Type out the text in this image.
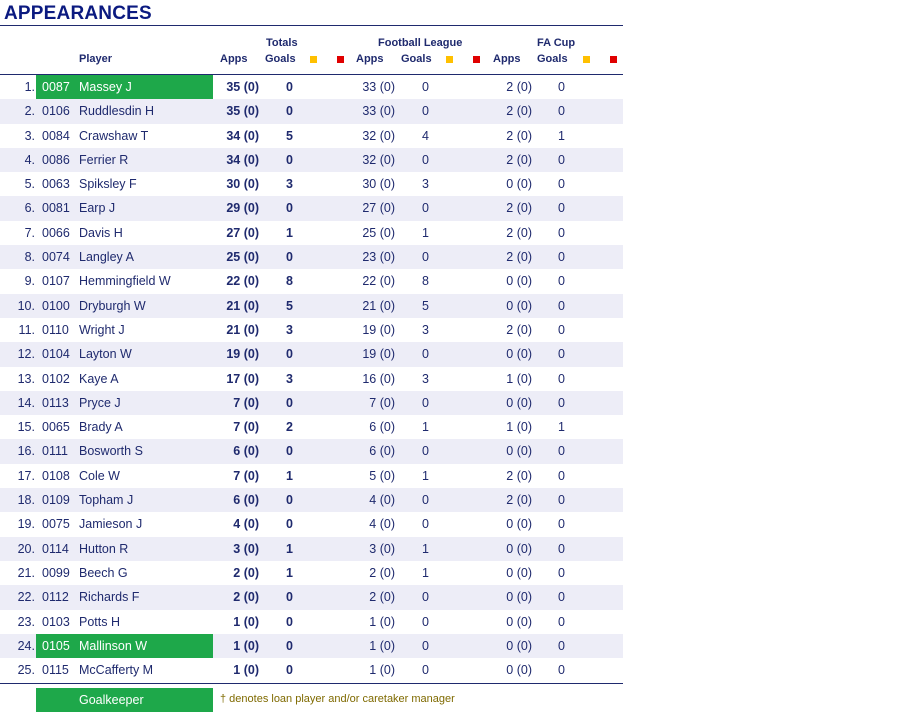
APPEARANCES
Totals	Football League	FA Cup
Player	Apps Goals	Apps Goals	Apps Goals
1. 0087 Massey J	35 (0) 0	33 (0) 0	2 (0) 0
2. 0106 Ruddlesdin H	35 (0) 0	33 (0) 0	2 (0) 0
3. 0084 Crawshaw T	34 (0) 5	32 (0) 4	2 (0) 1
4. 0086 Ferrier R	34 (0) 0	32 (0) 0	2 (0) 0
5. 0063 Spiksley F	30 (0) 3	30 (0) 3	0 (0) 0
6. 0081 Earp J	29 (0) 0	27 (0) 0	2 (0) 0
7. 0066 Davis H	27 (0) 1	25 (0) 1	2 (0) 0
8. 0074 Langley A	25 (0) 0	23 (0) 0	2 (0) 0
9. 0107 Hemmingfield W	22 (0) 8	22 (0) 8	0 (0) 0
10. 0100 Dryburgh W	21 (0) 5	21 (0) 5	0 (0) 0
11. 0110 Wright J	21 (0) 3	19 (0) 3	2 (0) 0
12. 0104 Layton W	19 (0) 0	19 (0) 0	0 (0) 0
13. 0102 Kaye A	17 (0) 3	16 (0) 3	1 (0) 0
14. 0113 Pryce J	7 (0) 0	7 (0) 0	0 (0) 0
15. 0065 Brady A	7 (0) 2	6 (0) 1	1 (0) 1
16. 0111 Bosworth S	6 (0) 0	6 (0) 0	0 (0) 0
17. 0108 Cole W	7 (0) 1	5 (0) 1	2 (0) 0
18. 0109 Topham J	6 (0) 0	4 (0) 0	2 (0) 0
19. 0075 Jamieson J	4 (0) 0	4 (0) 0	0 (0) 0
20. 0114 Hutton R	3 (0) 1	3 (0) 1	0 (0) 0
21. 0099 Beech G	2 (0) 1	2 (0) 1	0 (0) 0
22. 0112 Richards F	2 (0) 0	2 (0) 0	0 (0) 0
23. 0103 Potts H	1 (0) 0	1 (0) 0	0 (0) 0
24. 0105 Mallinson W	1 (0) 0	1 (0) 0	0 (0) 0
25. 0115 McCafferty M	1 (0) 0	1 (0) 0	0 (0) 0
Goalkeeper	† denotes loan player and/or caretaker manager
